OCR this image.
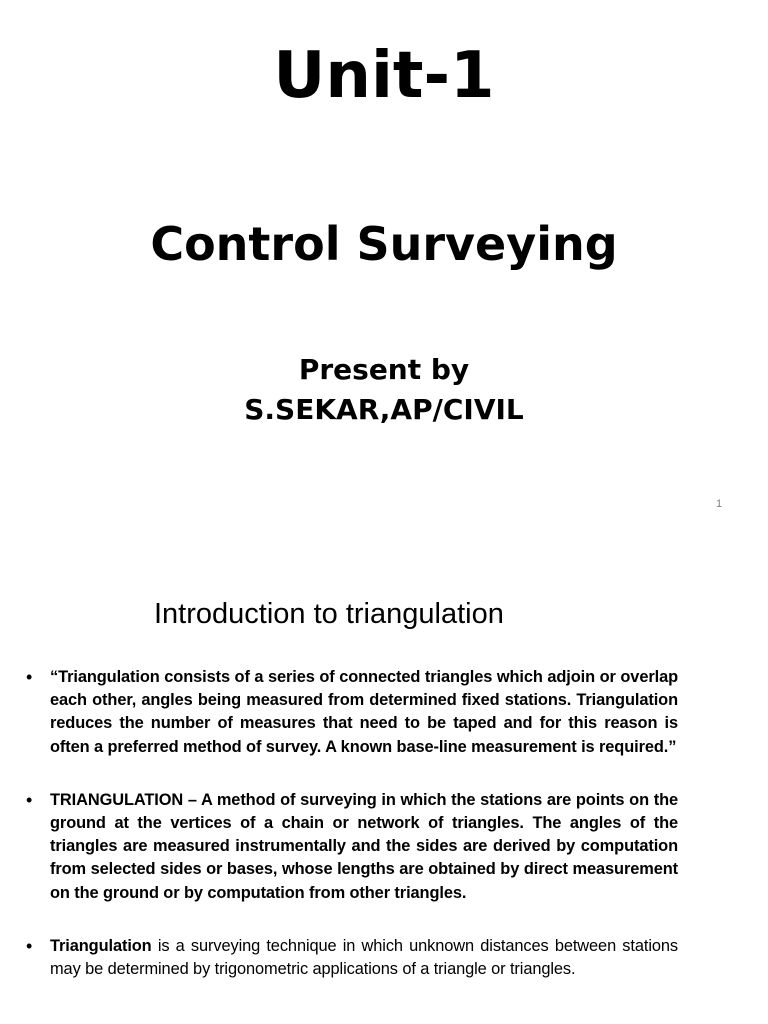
Unit-1
Control Surveying
Present by
S.SEKAR,AP/CIVIL
1
Introduction to triangulation
• “Triangulation consists of a series of connected triangles which adjoin or overlap each other, angles being measured from determined fixed stations. Triangulation reduces the number of measures that need to be taped and for this reason is often a preferred method of survey. A known base-line measurement is required.”
• TRIANGULATION – A method of surveying in which the stations are points on the ground at the vertices of a chain or network of triangles. The angles of the triangles are measured instrumentally and the sides are derived by computation from selected sides or bases, whose lengths are obtained by direct measurement on the ground or by computation from other triangles.
• Triangulation is a surveying technique in which unknown distances between stations may be determined by trigonometric applications of a triangle or triangles.
